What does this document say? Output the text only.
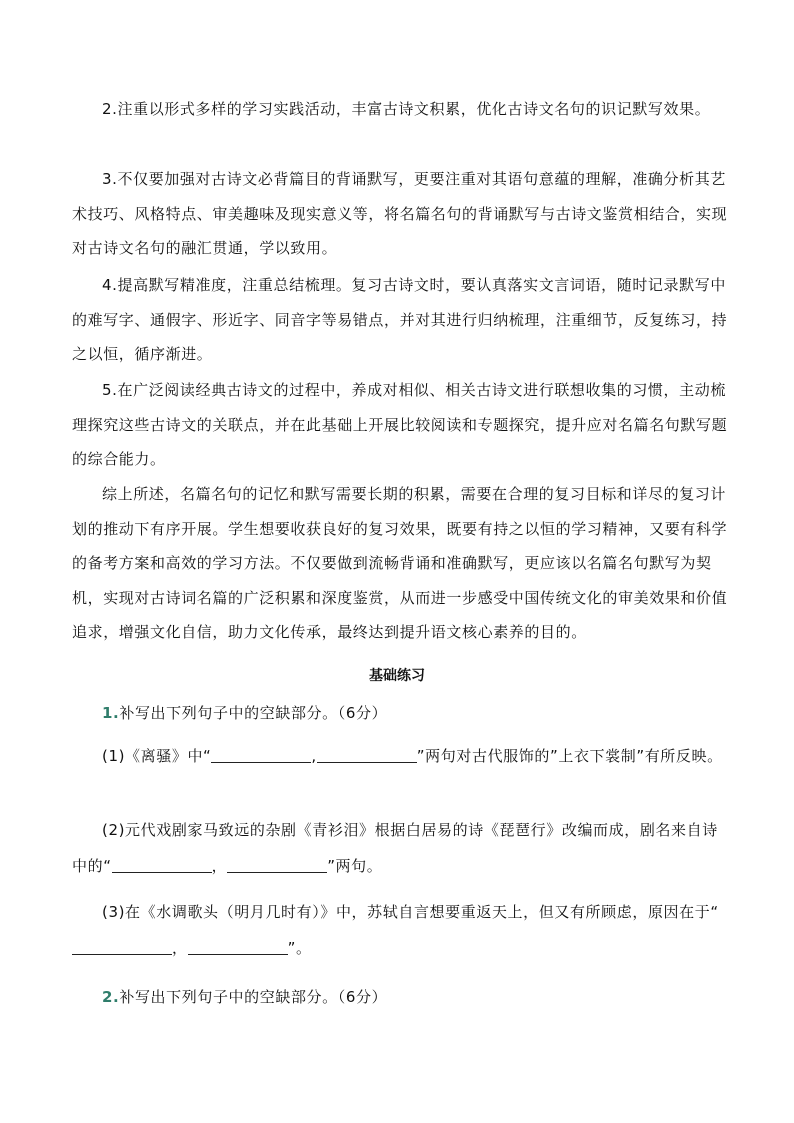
2.注重以形式多样的学习实践活动，丰富古诗文积累，优化古诗文名句的识记默写效果。

3.不仅要加强对古诗文必背篇目的背诵默写，更要注重对其语句意蕴的理解，准确分析其艺术技巧、风格特点、审美趣味及现实意义等，将名篇名句的背诵默写与古诗文鉴赏相结合，实现对古诗文名句的融汇贯通，学以致用。

4.提高默写精准度，注重总结梳理。复习古诗文时，要认真落实文言词语，随时记录默写中的难写字、通假字、形近字、同音字等易错点，并对其进行归纳梳理，注重细节，反复练习，持之以恒，循序渐进。

5.在广泛阅读经典古诗文的过程中，养成对相似、相关古诗文进行联想收集的习惯，主动梳理探究这些古诗文的关联点，并在此基础上开展比较阅读和专题探究，提升应对名篇名句默写题的综合能力。

综上所述，名篇名句的记忆和默写需要长期的积累，需要在合理的复习目标和详尽的复习计划的推动下有序开展。学生想要收获良好的复习效果，既要有持之以恒的学习精神，又要有科学的备考方案和高效的学习方法。不仅要做到流畅背诵和准确默写，更应该以名篇名句默写为契机，实现对古诗词名篇的广泛积累和深度鉴赏，从而进一步感受中国传统文化的审美效果和价值追求，增强文化自信，助力文化传承，最终达到提升语文核心素养的目的。

基础练习

1.补写出下列句子中的空缺部分。（6分）

(1)《离骚》中“	,	”两句对古代服饰的”上衣下裳制”有所反映。

(2)元代戏剧家马致远的杂剧《青衫泪》根据白居易的诗《琵琶行》改编而成，剧名来自诗中的“	，	”两句。

(3)在《水调歌头（明月几时有）》中，苏轼自言想要重返天上，但又有所顾虑，原因在于“，	”。

2.补写出下列句子中的空缺部分。（6分）
